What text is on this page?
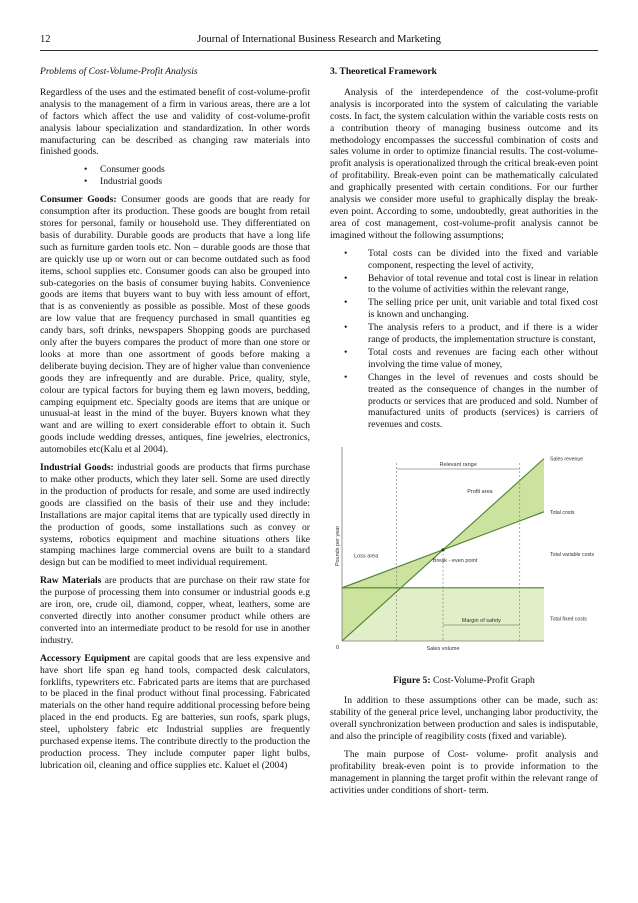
12	Journal of International Business Research and Marketing

Problems of Cost-Volume-Profit Analysis

Regardless of the uses and the estimated benefit of cost-volume-profit analysis to the management of a firm in various areas, there are a lot of factors which affect the use and validity of cost-volume-profit analysis labour specialization and standardization. In other words manufacturing can be described as changing raw materials into finished goods.

• Consumer goods
• Industrial goods

Consumer Goods: Consumer goods are goods that are ready for consumption after its production. These goods are bought from retail stores for personal, family or household use. They differentiated on basis of durability. Durable goods are products that have a long life such as furniture garden tools etc. Non – durable goods are those that are quickly use up or worn out or can become outdated such as food items, school supplies etc. Consumer goods can also be grouped into sub-categories on the basis of consumer buying habits. Convenience goods are items that buyers want to buy with less amount of effort, that is as conveniently as possible as possible. Most of these goods are low value that are frequency purchased in small quantities eg candy bars, soft drinks, newspapers Shopping goods are purchased only after the buyers compares the product of more than one store or looks at more than one assortment of goods before making a deliberate buying decision. They are of higher value than convenience goods they are infrequently and are durable. Price, quality, style, colour are typical factors for buying them eg lawn movers, bedding, camping equipment etc. Specialty goods are items that are unique or unusual-at least in the mind of the buyer. Buyers known what they want and are willing to exert considerable effort to obtain it. Such goods include wedding dresses, antiques, fine jewelries, electronics, automobiles etc(Kalu et al 2004).

Industrial Goods: industrial goods are products that firms purchase to make other products, which they later sell. Some are used directly in the production of products for resale, and some are used indirectly goods are classified on the basis of their use and they include: Installations are major capital items that are typically used directly in the production of goods, some installations such as convey or systems, robotics equipment and machine situations others like stamping machines large commercial ovens are built to a standard design but can be modified to meet individual requirement.

Raw Materials are products that are purchase on their raw state for the purpose of processing them into consumer or industrial goods e.g are iron, ore, crude oil, diamond, copper, wheat, leathers, some are converted directly into another consumer product while others are converted into an intermediate product to be resold for use in another industry.

Accessory Equipment are capital goods that are less expensive and have short life span eg hand tools, compacted desk calculators, forklifts, typewriters etc. Fabricated parts are items that are purchased to be placed in the final product without final processing. Fabricated materials on the other hand require additional processing before being placed in the end products. Eg are batteries, sun roofs, spark plugs, steel, upholstery fabric etc Industrial supplies are frequently purchased expense items. The contribute directly to the production the production process. They include computer paper light bulbs, lubrication oil, cleaning and office supplies etc. Kaluet el (2004)

3. Theoretical Framework

Analysis of the interdependence of the cost-volume-profit analysis is incorporated into the system of calculating the variable costs. In fact, the system calculation within the variable costs rests on a contribution theory of managing business outcome and its methodology encompasses the successful combination of costs and sales volume in order to optimize financial results. The cost-volume-profit analysis is operationalized through the critical break-even point of profitability. Break-even point can be mathematically calculated and graphically presented with certain conditions. For our further analysis we consider more useful to graphically display the break-even point. According to some, undoubtedly, great authorities in the area of cost management, cost-volume-profit analysis cannot be imagined without the following assumptions;

• Total costs can be divided into the fixed and variable component, respecting the level of activity,
• Behavior of total revenue and total cost is linear in relation to the volume of activities within the relevant range,
• The selling price per unit, unit variable and total fixed cost is known and unchanging.
• The analysis refers to a product, and if there is a wider range of products, the implementation structure is constant,
• Total costs and revenues are facing each other without involving the time value of money,
• Changes in the level of revenues and costs should be treated as the consequence of changes in the number of products or services that are produced and sold. Number of manufactured units of products (services) is carriers of revenues and costs.
Relevant range
Profit area
Loss area
Break - even point
Margin of safety
Sales volume
Pounds per year
0
Sales revenue
Total costs
Total variable costs
Total fixed costs

Figure 5: Cost-Volume-Profit Graph

In addition to these assumptions other can be made, such as: stability of the general price level, unchanging labor productivity, the overall synchronization between production and sales is indisputable, and also the principle of reagibility costs (fixed and variable).

The main purpose of Cost- volume- profit analysis and profitability break-even point is to provide information to the management in planning the target profit within the relevant range of activities under conditions of short- term.
